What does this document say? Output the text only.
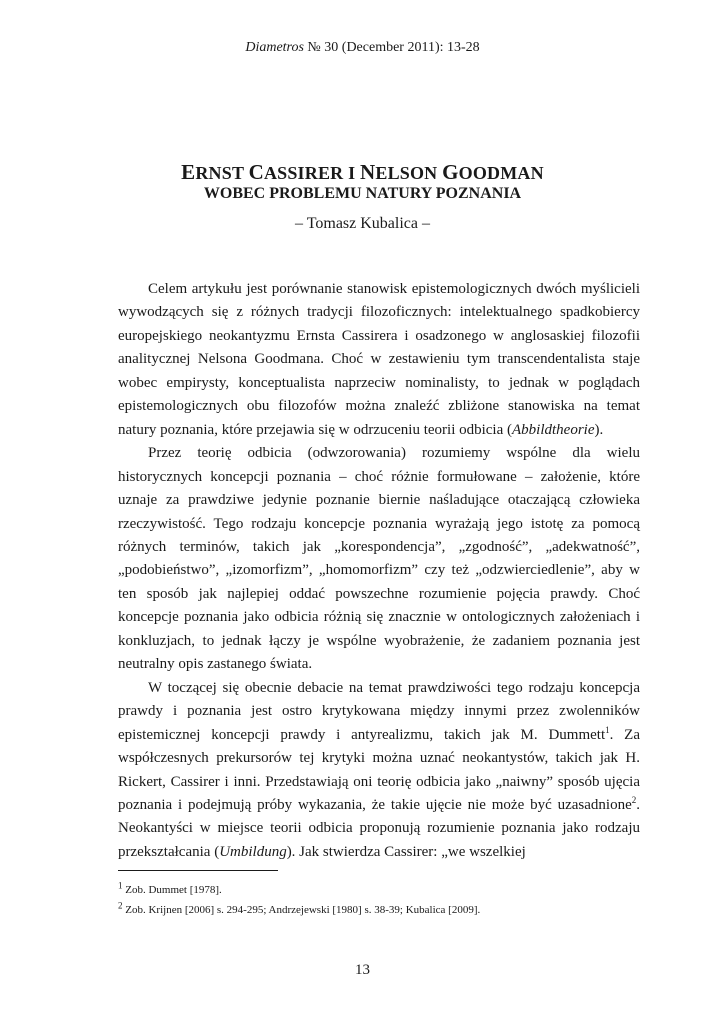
Diametros № 30 (December 2011): 13-28
ERNST CASSIRER I NELSON GOODMAN
WOBEC PROBLEMU NATURY POZNANIA
– Tomasz Kubalica –

Celem artykułu jest porównanie stanowisk epistemologicznych dwóch myślicieli wywodzących się z różnych tradycji filozoficznych: intelektualnego spadkobiercy europejskiego neokantyzmu Ernsta Cassirera i osadzonego w anglosaskiej filozofii analitycznej Nelsona Goodmana. Choć w zestawieniu tym transcendentalista staje wobec empirysty, konceptualista naprzeciw nominalisty, to jednak w poglądach epistemologicznych obu filozofów można znaleźć zbliżone stanowiska na temat natury poznania, które przejawia się w odrzuceniu teorii odbicia (Abbildtheorie).

Przez teorię odbicia (odwzorowania) rozumiemy wspólne dla wielu historycznych koncepcji poznania – choć różnie formułowane – założenie, które uznaje za prawdziwe jedynie poznanie biernie naśladujące otaczającą człowieka rzeczywistość. Tego rodzaju koncepcje poznania wyrażają jego istotę za pomocą różnych terminów, takich jak „korespondencja”, „zgodność”, „adekwatność”, „podobieństwo”, „izomorfizm”, „homomorfizm” czy też „odzwierciedlenie”, aby w ten sposób jak najlepiej oddać powszechne rozumienie pojęcia prawdy. Choć koncepcje poznania jako odbicia różnią się znacznie w ontologicznych założeniach i konkluzjach, to jednak łączy je wspólne wyobrażenie, że zadaniem poznania jest neutralny opis zastanego świata.

W toczącej się obecnie debacie na temat prawdziwości tego rodzaju koncepcja prawdy i poznania jest ostro krytykowana między innymi przez zwolenników epistemicznej koncepcji prawdy i antyrealizmu, takich jak M. Dummett$^1$. Za współczesnych prekursorów tej krytyki można uznać neokantystów, takich jak H. Rickert, Cassirer i inni. Przedstawiają oni teorię odbicia jako „naiwny” sposób ujęcia poznania i podejmują próby wykazania, że takie ujęcie nie może być uzasadnione$^2$. Neokantyści w miejsce teorii odbicia proponują rozumienie poznania jako rodzaju przekształcania (Umbildung). Jak stwierdza Cassirer: „we wszelkiej

$^1$ Zob. Dummet [1978].
$^2$ Zob. Krijnen [2006] s. 294-295; Andrzejewski [1980] s. 38-39; Kubalica [2009].
13
